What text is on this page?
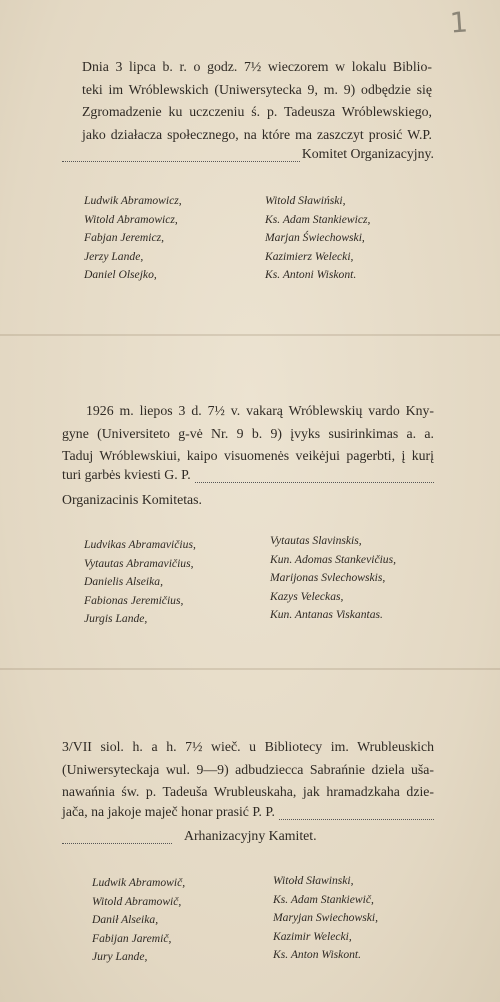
1
Dnia 3 lipca b. r. o godz. 7½ wieczorem w lokalu Biblio-
teki im Wróblewskich (Uniwersytecka 9, m. 9) odbędzie się
Zgromadzenie ku uczczeniu ś. p. Tadeusza Wróblewskiego,
jako działacza społecznego, na które ma zaszczyt prosić W.P.
Komitet Organizacyjny.
Ludwik Abramowicz,
Witold Abramowicz,
Fabjan Jeremicz,
Jerzy Lande,
Daniel Olsejko,
Witold Sławiński,
Ks. Adam Stankiewicz,
Marjan Świechowski,
Kazimierz Welecki,
Ks. Antoni Wiskont.
1926 m. liepos 3 d. 7½ v. vakarą Wróblewskių vardo Kny-
gyne (Universiteto g-vė Nr. 9 b. 9) įvyks susirinkimas a. a.
Taduj Wróblewskiui, kaipo visuomenės veikėjui pagerbti, į kurį
turi garbės kviesti G. P.
Organizacinis Komitetas.
Ludvikas Abramavičius,
Vytautas Abramavičius,
Danielis Alseika,
Fabionas Jeremičius,
Jurgis Lande,
Vytautas Slavinskis,
Kun. Adomas Stankevičius,
Marijonas Svlechowskis,
Kazys Veleckas,
Kun. Antanas Viskantas.
3/VII siol. h. a h. 7½ wieč. u Bibliotecy im. Wrubleuskich
(Uniwersyteckaja wul. 9—9) adbudziecca Sabrańnie dziela uša-
nawańnia św. p. Tadeuša Wrubleuskaha, jak hramadzkaha dzie-
jača, na jakoje maječ honar prasić P. P.
Arhanizacyjny Kamitet.
Ludwik Abramowič,
Witold Abramowič,
Danił Alseika,
Fabijan Jaremič,
Jury Lande,
Witołd Sławinski,
Ks. Adam Stankiewič,
Maryjan Swiechowski,
Kazimir Welecki,
Ks. Anton Wiskont.
